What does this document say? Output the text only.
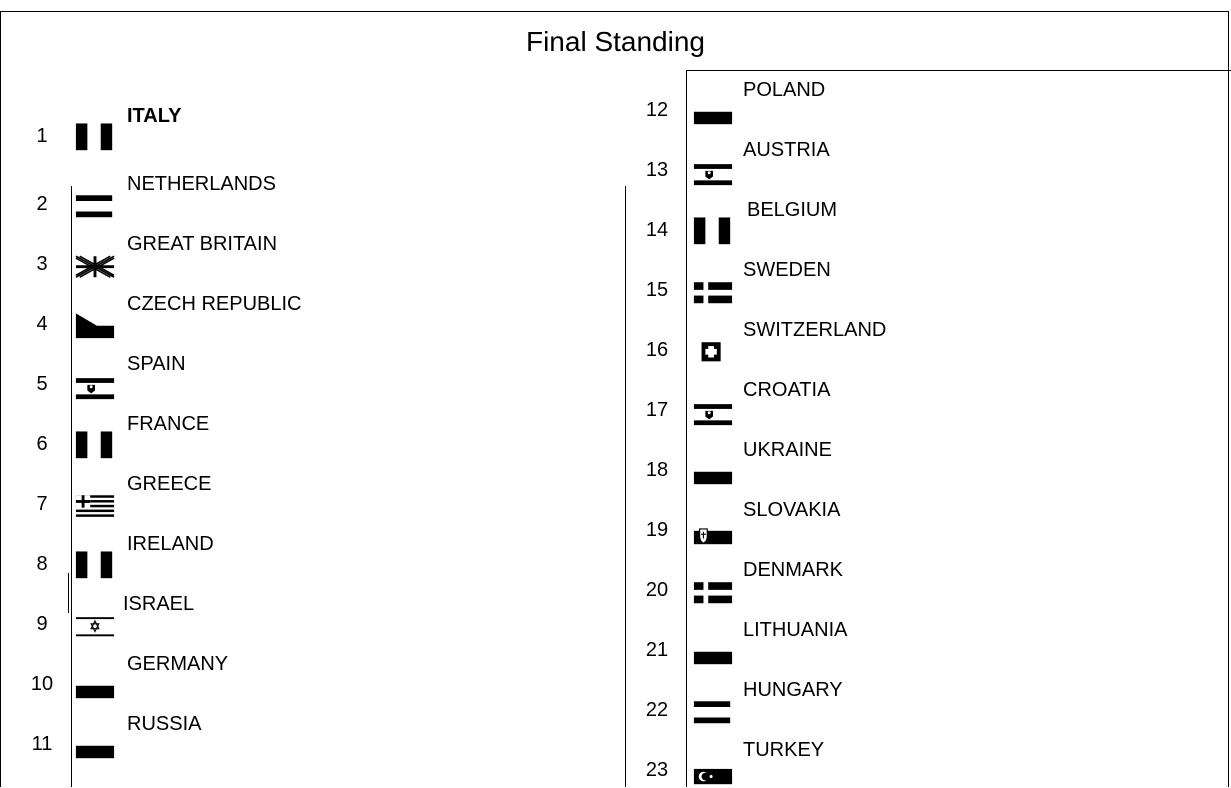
Final Standing
1
ITALY
2
NETHERLANDS
3
GREAT BRITAIN
4
CZECH REPUBLIC
5
SPAIN
6
FRANCE
7
GREECE
8
IRELAND
9
ISRAEL
10
GERMANY
11
RUSSIA
12
POLAND
13
AUSTRIA
14
BELGIUM
15
SWEDEN
16
SWITZERLAND
17
CROATIA
18
UKRAINE
19
SLOVAKIA
20
DENMARK
21
LITHUANIA
22
HUNGARY
23
TURKEY
